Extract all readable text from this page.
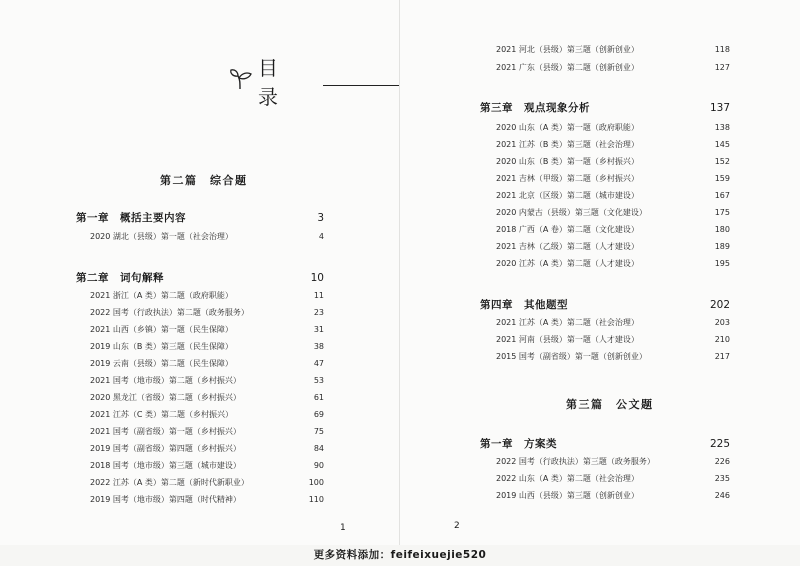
目 录
第二篇　综合题
第一章　概括主要内容	3
2020 湖北（县级）第一题（社会治理）	4
第二章　词句解释	10
2021 浙江（A 类）第二题（政府职能）	11
2022 国考（行政执法）第二题（政务服务）	23
2021 山西（乡镇）第一题（民生保障）	31
2019 山东（B 类）第三题（民生保障）	38
2019 云南（县级）第二题（民生保障）	47
2021 国考（地市级）第二题（乡村振兴）	53
2020 黑龙江（省级）第二题（乡村振兴）	61
2021 江苏（C 类）第二题（乡村振兴）	69
2021 国考（副省级）第一题（乡村振兴）	75
2019 国考（副省级）第四题（乡村振兴）	84
2018 国考（地市级）第三题（城市建设）	90
2022 江苏（A 类）第二题（新时代新职业）	100
2019 国考（地市级）第四题（时代精神）	110
1
2021 河北（县级）第三题（创新创业）	118
2021 广东（县级）第二题（创新创业）	127
第三章　观点现象分析	137
2020 山东（A 类）第一题（政府职能）	138
2021 江苏（B 类）第三题（社会治理）	145
2020 山东（B 类）第一题（乡村振兴）	152
2021 吉林（甲级）第二题（乡村振兴）	159
2021 北京（区级）第二题（城市建设）	167
2020 内蒙古（县级）第三题（文化建设）	175
2018 广西（A 卷）第二题（文化建设）	180
2021 吉林（乙级）第二题（人才建设）	189
2020 江苏（A 类）第二题（人才建设）	195
第四章　其他题型	202
2021 江苏（A 类）第二题（社会治理）	203
2021 河南（县级）第一题（人才建设）	210
2015 国考（副省级）第一题（创新创业）	217
第三篇　公文题
第一章　方案类	225
2022 国考（行政执法）第三题（政务服务）	226
2022 山东（A 类）第二题（社会治理）	235
2019 山西（县级）第三题（创新创业）	246
2
更多资料添加：feifeixuejie520
